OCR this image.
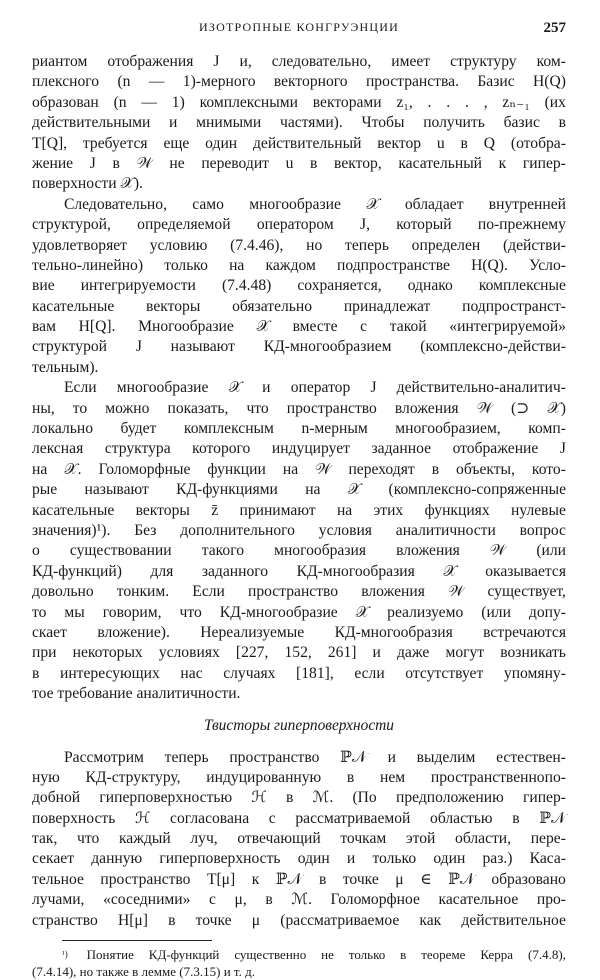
ИЗОТРОПНЫЕ КОНГРУЭНЦИИ	257
риантом отображения J и, следовательно, имеет структуру ком-
плексного (n — 1)-мерного векторного пространства. Базис H(Q)
образован (n — 1) комплексными векторами z₁, . . . , zₙ₋₁ (их
действительными и мнимыми частями). Чтобы получить базис в
T[Q], требуется еще один действительный вектор u в Q (отобра-
жение J в 𝒲 не переводит u в вектор, касательный к гипер-
поверхности 𝒳).
Следовательно, само многообразие 𝒳 обладает внутренней
структурой, определяемой оператором J, который по-прежнему
удовлетворяет условию (7.4.46), но теперь определен (действи-
тельно-линейно) только на каждом подпространстве H(Q). Усло-
вие интегрируемости (7.4.48) сохраняется, однако комплексные
касательные векторы обязательно принадлежат подпространст-
вам H[Q]. Многообразие 𝒳 вместе с такой «интегрируемой»
структурой J называют КД-многообразием (комплексно-действи-
тельным).
Если многообразие 𝒳 и оператор J действительно-аналитич-
ны, то можно показать, что пространство вложения 𝒲 (⊃ 𝒳)
локально будет комплексным n-мерным многообразием, комп-
лексная структура которого индуцирует заданное отображение J
на 𝒳. Голоморфные функции на 𝒲 переходят в объекты, кото-
рые называют КД-функциями на 𝒳 (комплексно-сопряженные
касательные векторы z̄ принимают на этих функциях нулевые
значения)¹). Без дополнительного условия аналитичности вопрос
о существовании такого многообразия вложения 𝒲 (или
КД-функций) для заданного КД-многообразия 𝒳 оказывается
довольно тонким. Если пространство вложения 𝒲 существует,
то мы говорим, что КД-многообразие 𝒳 реализуемо (или допу-
скает вложение). Нереализуемые КД-многообразия встречаются
при некоторых условиях [227, 152, 261] и даже могут возникать
в интересующих нас случаях [181], если отсутствует упомяну-
тое требование аналитичности.
Твисторы гиперповерхности
Рассмотрим теперь пространство ℙ𝒩 и выделим естествен-
ную КД-структуру, индуцированную в нем пространственнопо-
добной гиперповерхностью ℋ в ℳ. (По предположению гипер-
поверхность ℋ согласована с рассматриваемой областью в ℙ𝒩
так, что каждый луч, отвечающий точкам этой области, пере-
секает данную гиперповерхность один и только один раз.) Каса-
тельное пространство T[μ] к ℙ𝒩 в точке μ ∈ ℙ𝒩 образовано
лучами, «соседними» с μ, в ℳ. Голоморфное касательное про-
странство H[μ] в точке μ (рассматриваемое как действительное
¹) Понятие КД-функций существенно не только в теореме Керра (7.4.8),
(7.4.14), но также в лемме (7.3.15) и т. д.
